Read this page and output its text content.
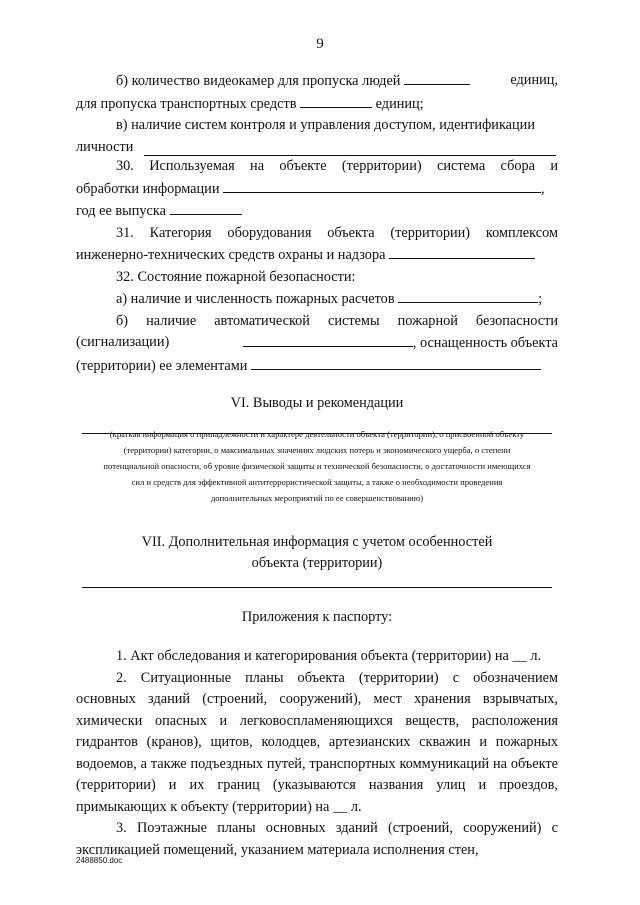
9

б) количество видеокамер для пропуска людей	единиц,

для пропуска транспортных средств	единиц;

в) наличие систем контроля и управления доступом, идентификации

личности

30. Используемая на объекте (территории) система сбора и

обработки информации	,

год ее выпуска

31. Категория оборудования объекта (территории) комплексом

инженерно-технических средств охраны и надзора

32. Состояние пожарной безопасности:

а) наличие и численность пожарных расчетов	;

б) наличие автоматической системы пожарной безопасности

(сигнализации)	, оснащенность объекта

(территории) ее элементами

VI. Выводы и рекомендации

(краткая информация о принадлежности и характере деятельности объекта (территории), о присвоенной объекту

(территории) категории, о максимальных значениях людских потерь и экономического ущерба, о степени

потенциальной опасности, об уровне физической защиты и технической безопасности, о достаточности имеющихся

сил и средств для эффективной антитеррористической защиты, а также о необходимости проведения

дополнительных мероприятий по ее совершенствованию)

VII. Дополнительная информация с учетом особенностей

объекта (территории)

Приложения к паспорту:

1. Акт обследования и категорирования объекта (территории) на __ л.

2. Ситуационные планы объекта (территории) с обозначением основных зданий (строений, сооружений), мест хранения взрывчатых, химически опасных и легковоспламеняющихся веществ, расположения гидрантов (кранов), щитов, колодцев, артезианских скважин и пожарных водоемов, а также подъездных путей, транспортных коммуникаций на объекте (территории) и их границ (указываются названия улиц и проездов, примыкающих к объекту (территории) на __ л.

3. Поэтажные планы основных зданий (строений, сооружений) с экспликацией помещений, указанием материала исполнения стен,

2488850.doc
